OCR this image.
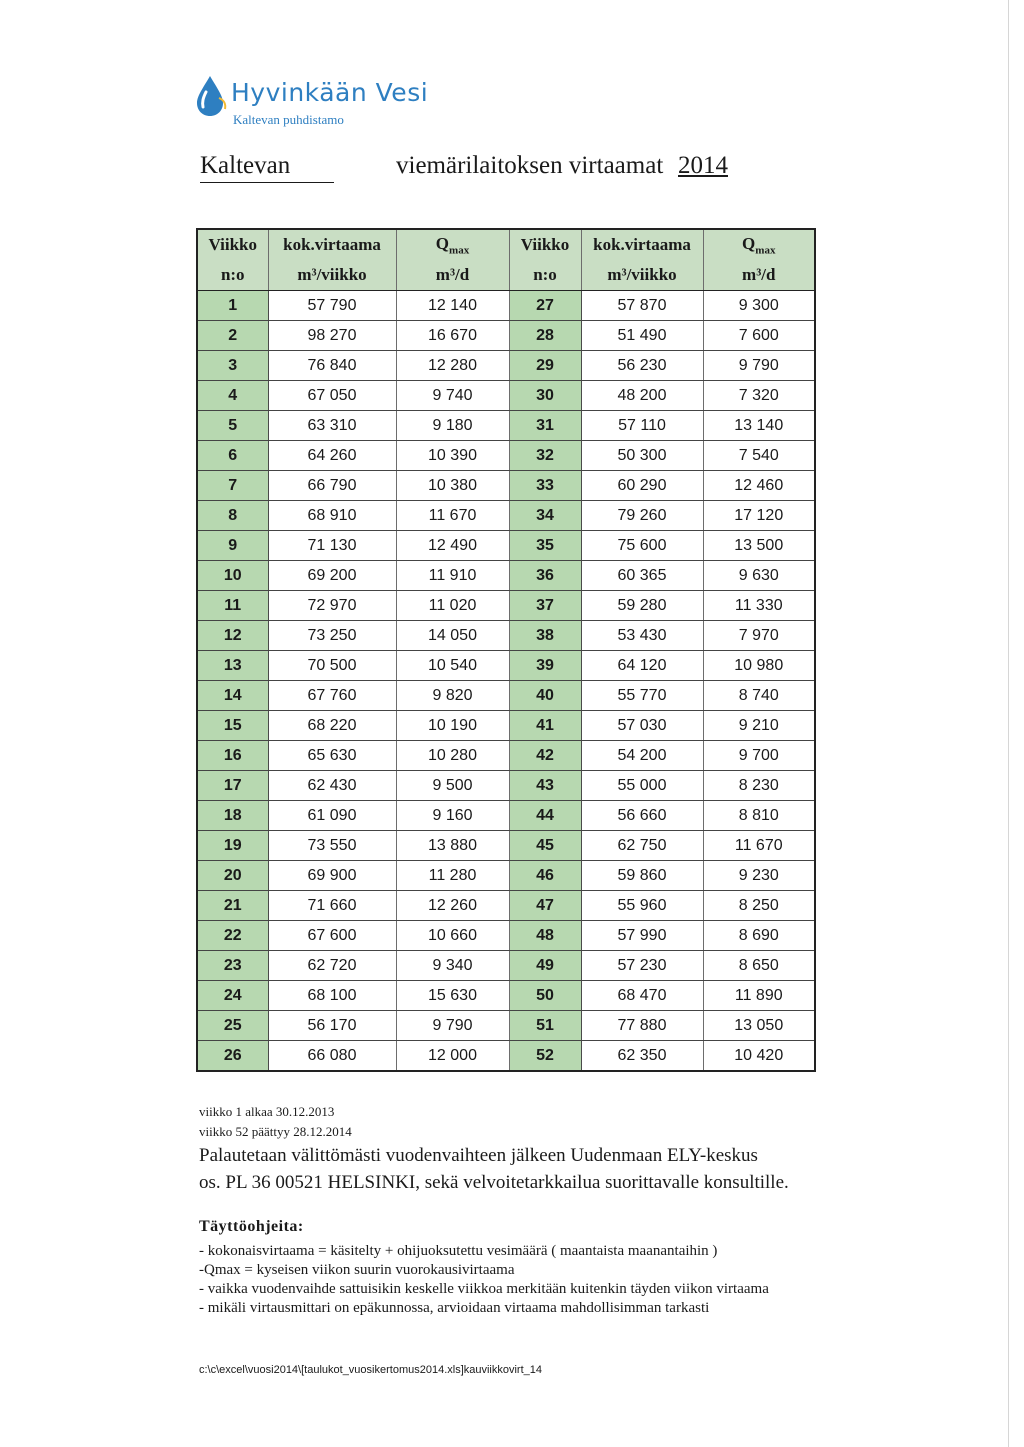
Hyvinkään Vesi
Kaltevan puhdistamo
Kaltevan	viemärilaitoksen virtaamat 2014
Viikko	kok.virtaama	$Q_{max}$	Viikko	kok.virtaama	$Q_{max}$
n:o	m³/viikko	m³/d	n:o	m³/viikko	m³/d
1	57 790	12 140	27	57 870	9 300
2	98 270	16 670	28	51 490	7 600
3	76 840	12 280	29	56 230	9 790
4	67 050	9 740	30	48 200	7 320
5	63 310	9 180	31	57 110	13 140
6	64 260	10 390	32	50 300	7 540
7	66 790	10 380	33	60 290	12 460
8	68 910	11 670	34	79 260	17 120
9	71 130	12 490	35	75 600	13 500
10	69 200	11 910	36	60 365	9 630
11	72 970	11 020	37	59 280	11 330
12	73 250	14 050	38	53 430	7 970
13	70 500	10 540	39	64 120	10 980
14	67 760	9 820	40	55 770	8 740
15	68 220	10 190	41	57 030	9 210
16	65 630	10 280	42	54 200	9 700
17	62 430	9 500	43	55 000	8 230
18	61 090	9 160	44	56 660	8 810
19	73 550	13 880	45	62 750	11 670
20	69 900	11 280	46	59 860	9 230
21	71 660	12 260	47	55 960	8 250
22	67 600	10 660	48	57 990	8 690
23	62 720	9 340	49	57 230	8 650
24	68 100	15 630	50	68 470	11 890
25	56 170	9 790	51	77 880	13 050
26	66 080	12 000	52	62 350	10 420
viikko 1 alkaa 30.12.2013
viikko 52 päättyy 28.12.2014
Palautetaan välittömästi vuodenvaihteen jälkeen Uudenmaan ELY-keskus
os. PL 36 00521 HELSINKI, sekä velvoitetarkkailua suorittavalle konsultille.
Täyttöohjeita:
- kokonaisvirtaama = käsitelty + ohijuoksutettu vesimäärä ( maantaista maanantaihin )
-Qmax = kyseisen viikon suurin vuorokausivirtaama
- vaikka vuodenvaihde sattuisikin keskelle viikkoa merkitään kuitenkin täyden viikon virtaama
- mikäli virtausmittari on epäkunnossa, arvioidaan virtaama mahdollisimman tarkasti
c:\c\excel\vuosi2014\[taulukot_vuosikertomus2014.xls]kauviikkovirt_14
